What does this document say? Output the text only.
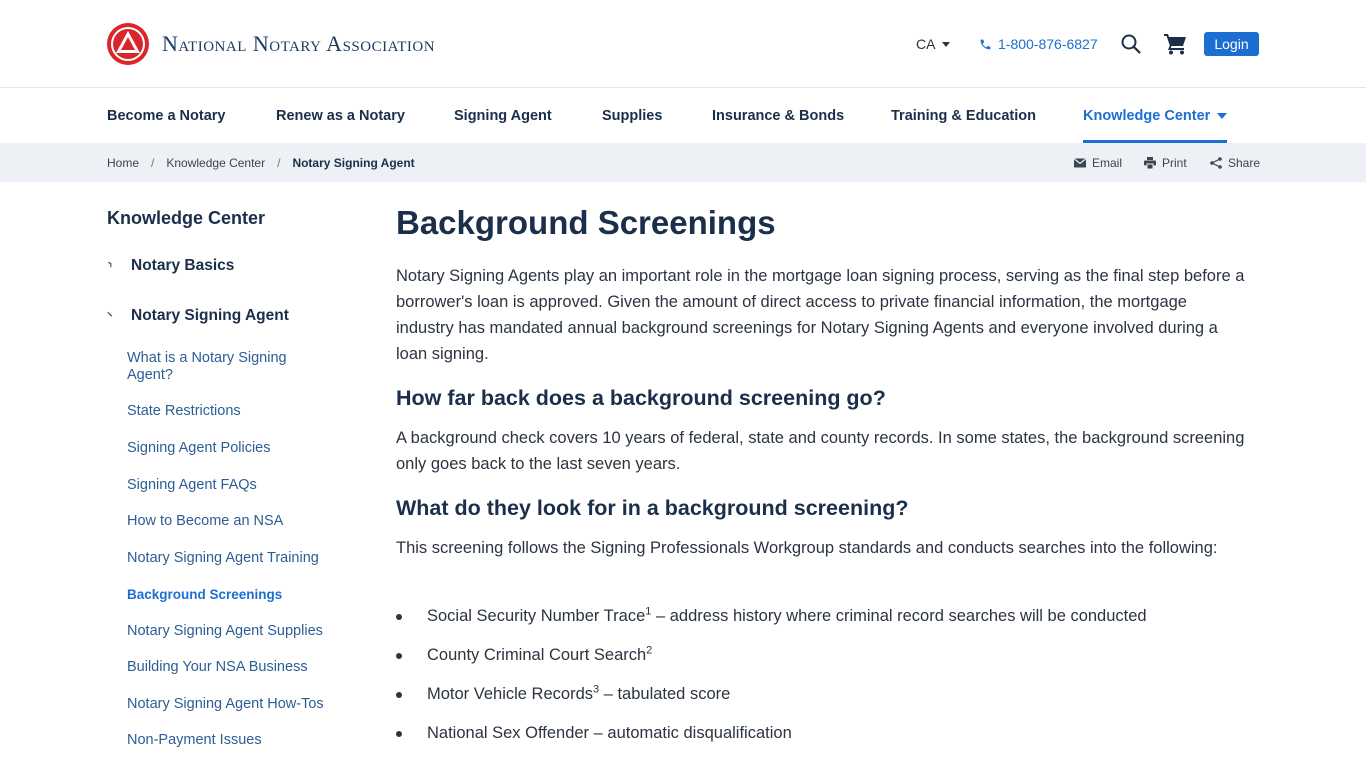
National Notary Association	CA	1-800-876-6827	Login
Become a Notary	Renew as a Notary	Signing Agent	Supplies	Insurance & Bonds	Training & Education	Knowledge Center
Home / Knowledge Center / Notary Signing Agent	Email	Print	Share
Knowledge Center
⸃	Notary Basics
⸌	Notary Signing Agent
What is a Notary Signing Agent?
State Restrictions
Signing Agent Policies
Signing Agent FAQs
How to Become an NSA
Notary Signing Agent Training
Background Screenings
Notary Signing Agent Supplies
Building Your NSA Business
Notary Signing Agent How-Tos
Non-Payment Issues
Background Screenings

Notary Signing Agents play an important role in the mortgage loan signing process, serving as the final step before a borrower's loan is approved. Given the amount of direct access to private financial information, the mortgage industry has mandated annual background screenings for Notary Signing Agents and everyone involved during a loan signing.

How far back does a background screening go?

A background check covers 10 years of federal, state and county records. In some states, the background screening only goes back to the last seven years.

What do they look for in a background screening?

This screening follows the Signing Professionals Workgroup standards and conducts searches into the following:

Social Security Number Trace$^1$ – address history where criminal record searches will be conducted
County Criminal Court Search$^2$
Motor Vehicle Records$^3$ – tabulated score
National Sex Offender – automatic disqualification
